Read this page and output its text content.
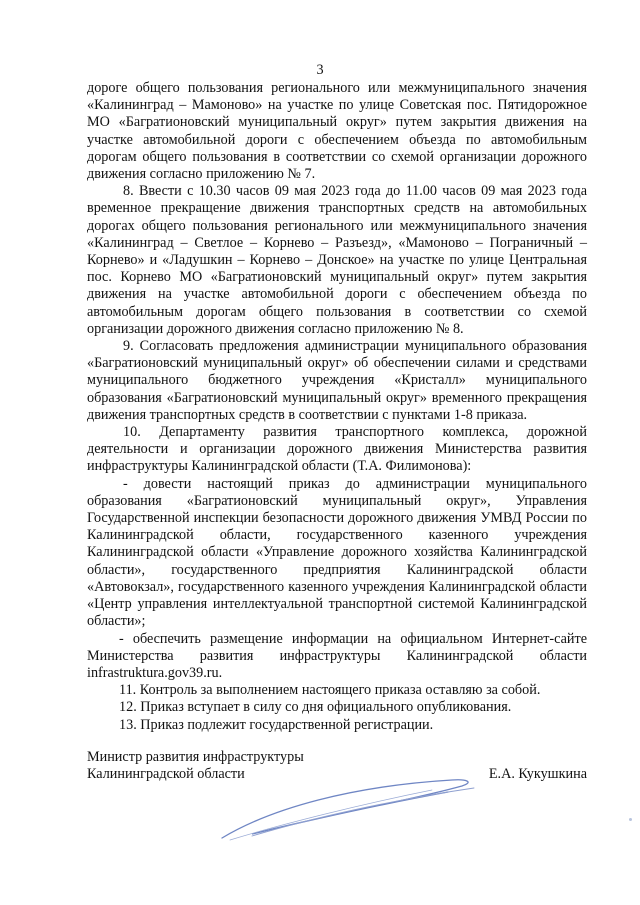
3

дороге общего пользования регионального или межмуниципального значения «Калининград – Мамоново» на участке по улице Советская пос. Пятидорожное МО «Багратионовский муниципальный округ» путем закрытия движения на участке автомобильной дороги с обеспечением объезда по автомобильным дорогам общего пользования в соответствии со схемой организации дорожного движения согласно приложению № 7.

8. Ввести с 10.30 часов 09 мая 2023 года до 11.00 часов 09 мая 2023 года временное прекращение движения транспортных средств на автомобильных дорогах общего пользования регионального или межмуниципального значения «Калининград – Светлое – Корнево – Разъезд», «Мамоново – Пограничный – Корнево» и «Ладушкин – Корнево – Донское» на участке по улице Центральная пос. Корнево МО «Багратионовский муниципальный округ» путем закрытия движения на участке автомобильной дороги с обеспечением объезда по автомобильным дорогам общего пользования в соответствии со схемой организации дорожного движения согласно приложению № 8.

9. Согласовать предложения администрации муниципального образования «Багратионовский муниципальный округ» об обеспечении силами и средствами муниципального бюджетного учреждения «Кристалл» муниципального образования «Багратионовский муниципальный округ» временного прекращения движения транспортных средств в соответствии с пунктами 1-8 приказа.

10. Департаменту развития транспортного комплекса, дорожной деятельности и организации дорожного движения Министерства развития инфраструктуры Калининградской области (Т.А. Филимонова):

- довести настоящий приказ до администрации муниципального образования «Багратионовский муниципальный округ», Управления Государственной инспекции безопасности дорожного движения УМВД России по Калининградской области, государственного казенного учреждения Калининградской области «Управление дорожного хозяйства Калининградской области», государственного предприятия Калининградской области «Автовокзал», государственного казенного учреждения Калининградской области «Центр управления интеллектуальной транспортной системой Калининградской области»;

- обеспечить размещение информации на официальном Интернет-сайте Министерства развития инфраструктуры Калининградской области infrastruktura.gov39.ru.

11. Контроль за выполнением настоящего приказа оставляю за собой.

12. Приказ вступает в силу со дня официального опубликования.

13. Приказ подлежит государственной регистрации.

Министр развития инфраструктуры
Калининградской области	Е.А. Кукушкина
